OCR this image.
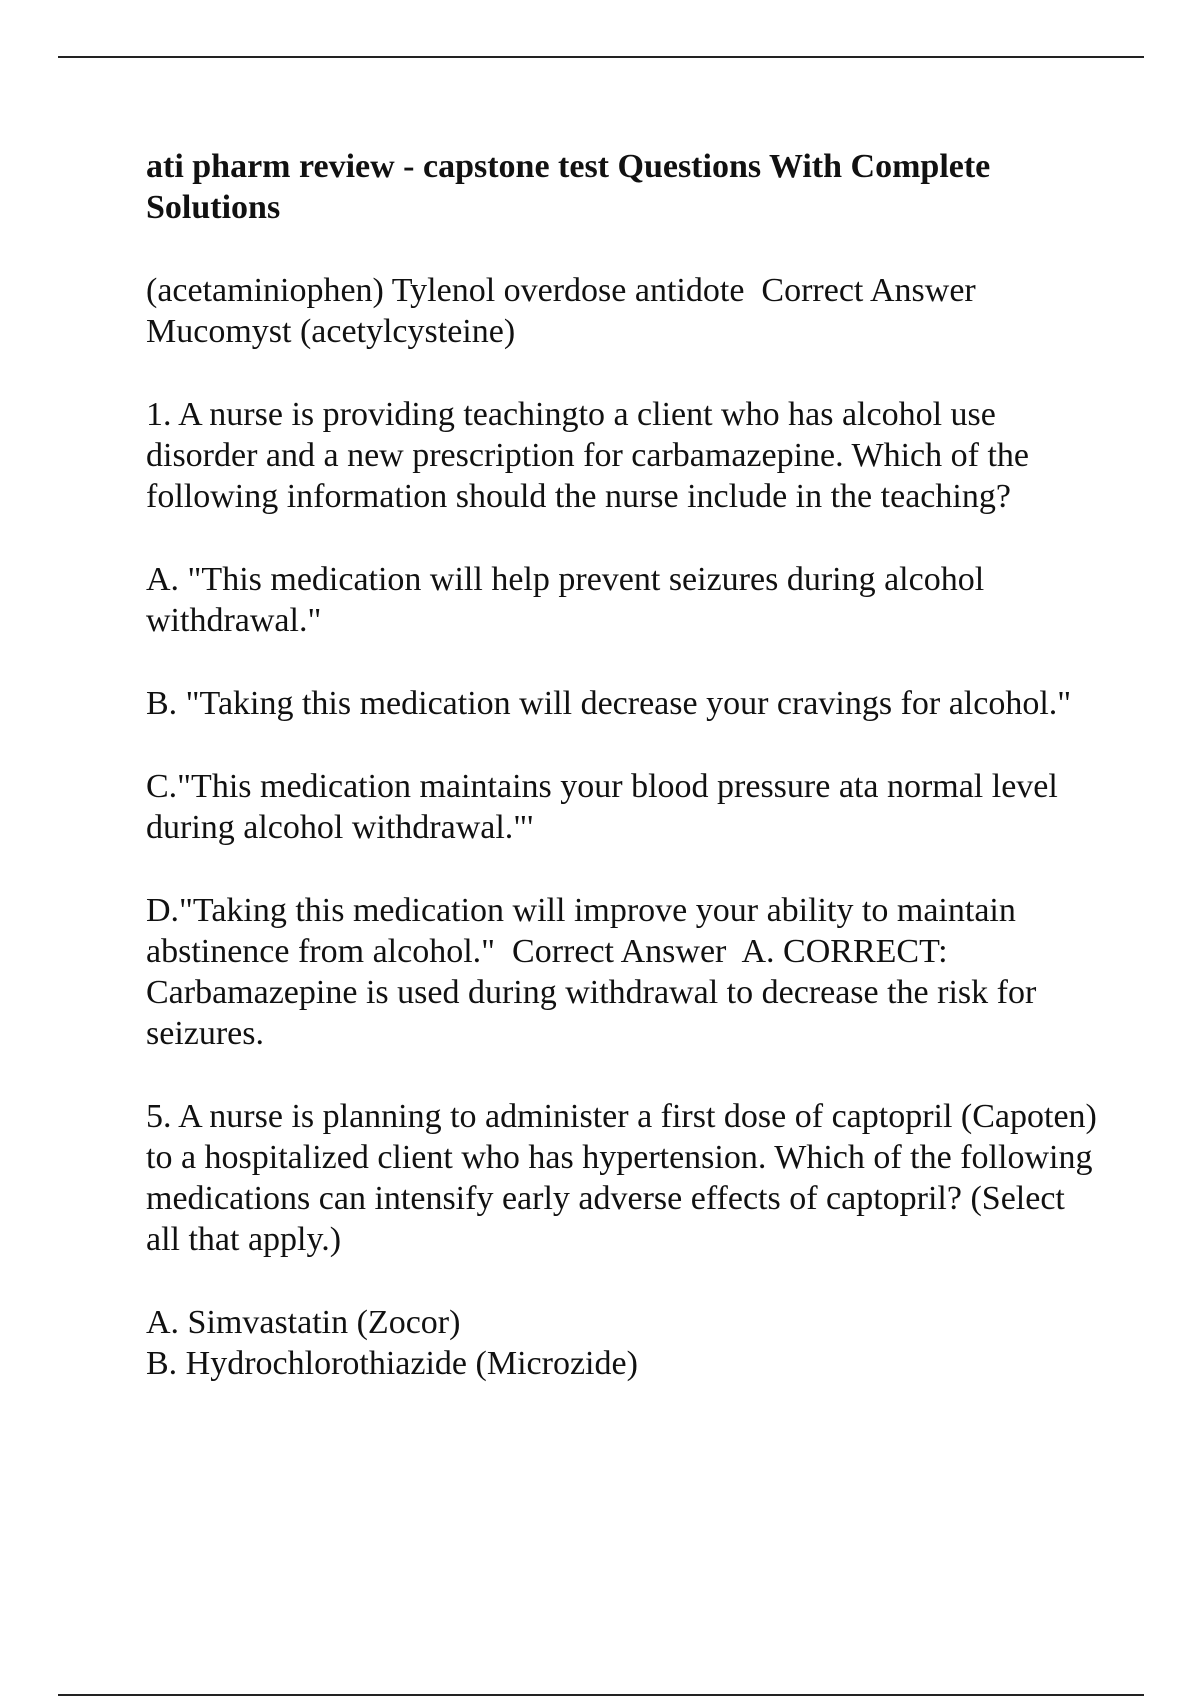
ati pharm review - capstone test Questions With Complete Solutions
(acetaminiophen) Tylenol overdose antidote Correct Answer Mucomyst (acetylcysteine)
1. A nurse is providing teachingto a client who has alcohol use disorder and a new prescription for carbamazepine. Which of the following information should the nurse include in the teaching?
A. "This medication will help prevent seizures during alcohol withdrawal."
B. "Taking this medication will decrease your cravings for alcohol."
C."This medication maintains your blood pressure ata normal level during alcohol withdrawal."'
D."Taking this medication will improve your ability to maintain abstinence from alcohol." Correct Answer A. CORRECT: Carbamazepine is used during withdrawal to decrease the risk for seizures.
5. A nurse is planning to administer a first dose of captopril (Capoten) to a hospitalized client who has hypertension. Which of the following medications can intensify early adverse effects of captopril? (Select all that apply.)
A. Simvastatin (Zocor)
B. Hydrochlorothiazide (Microzide)
